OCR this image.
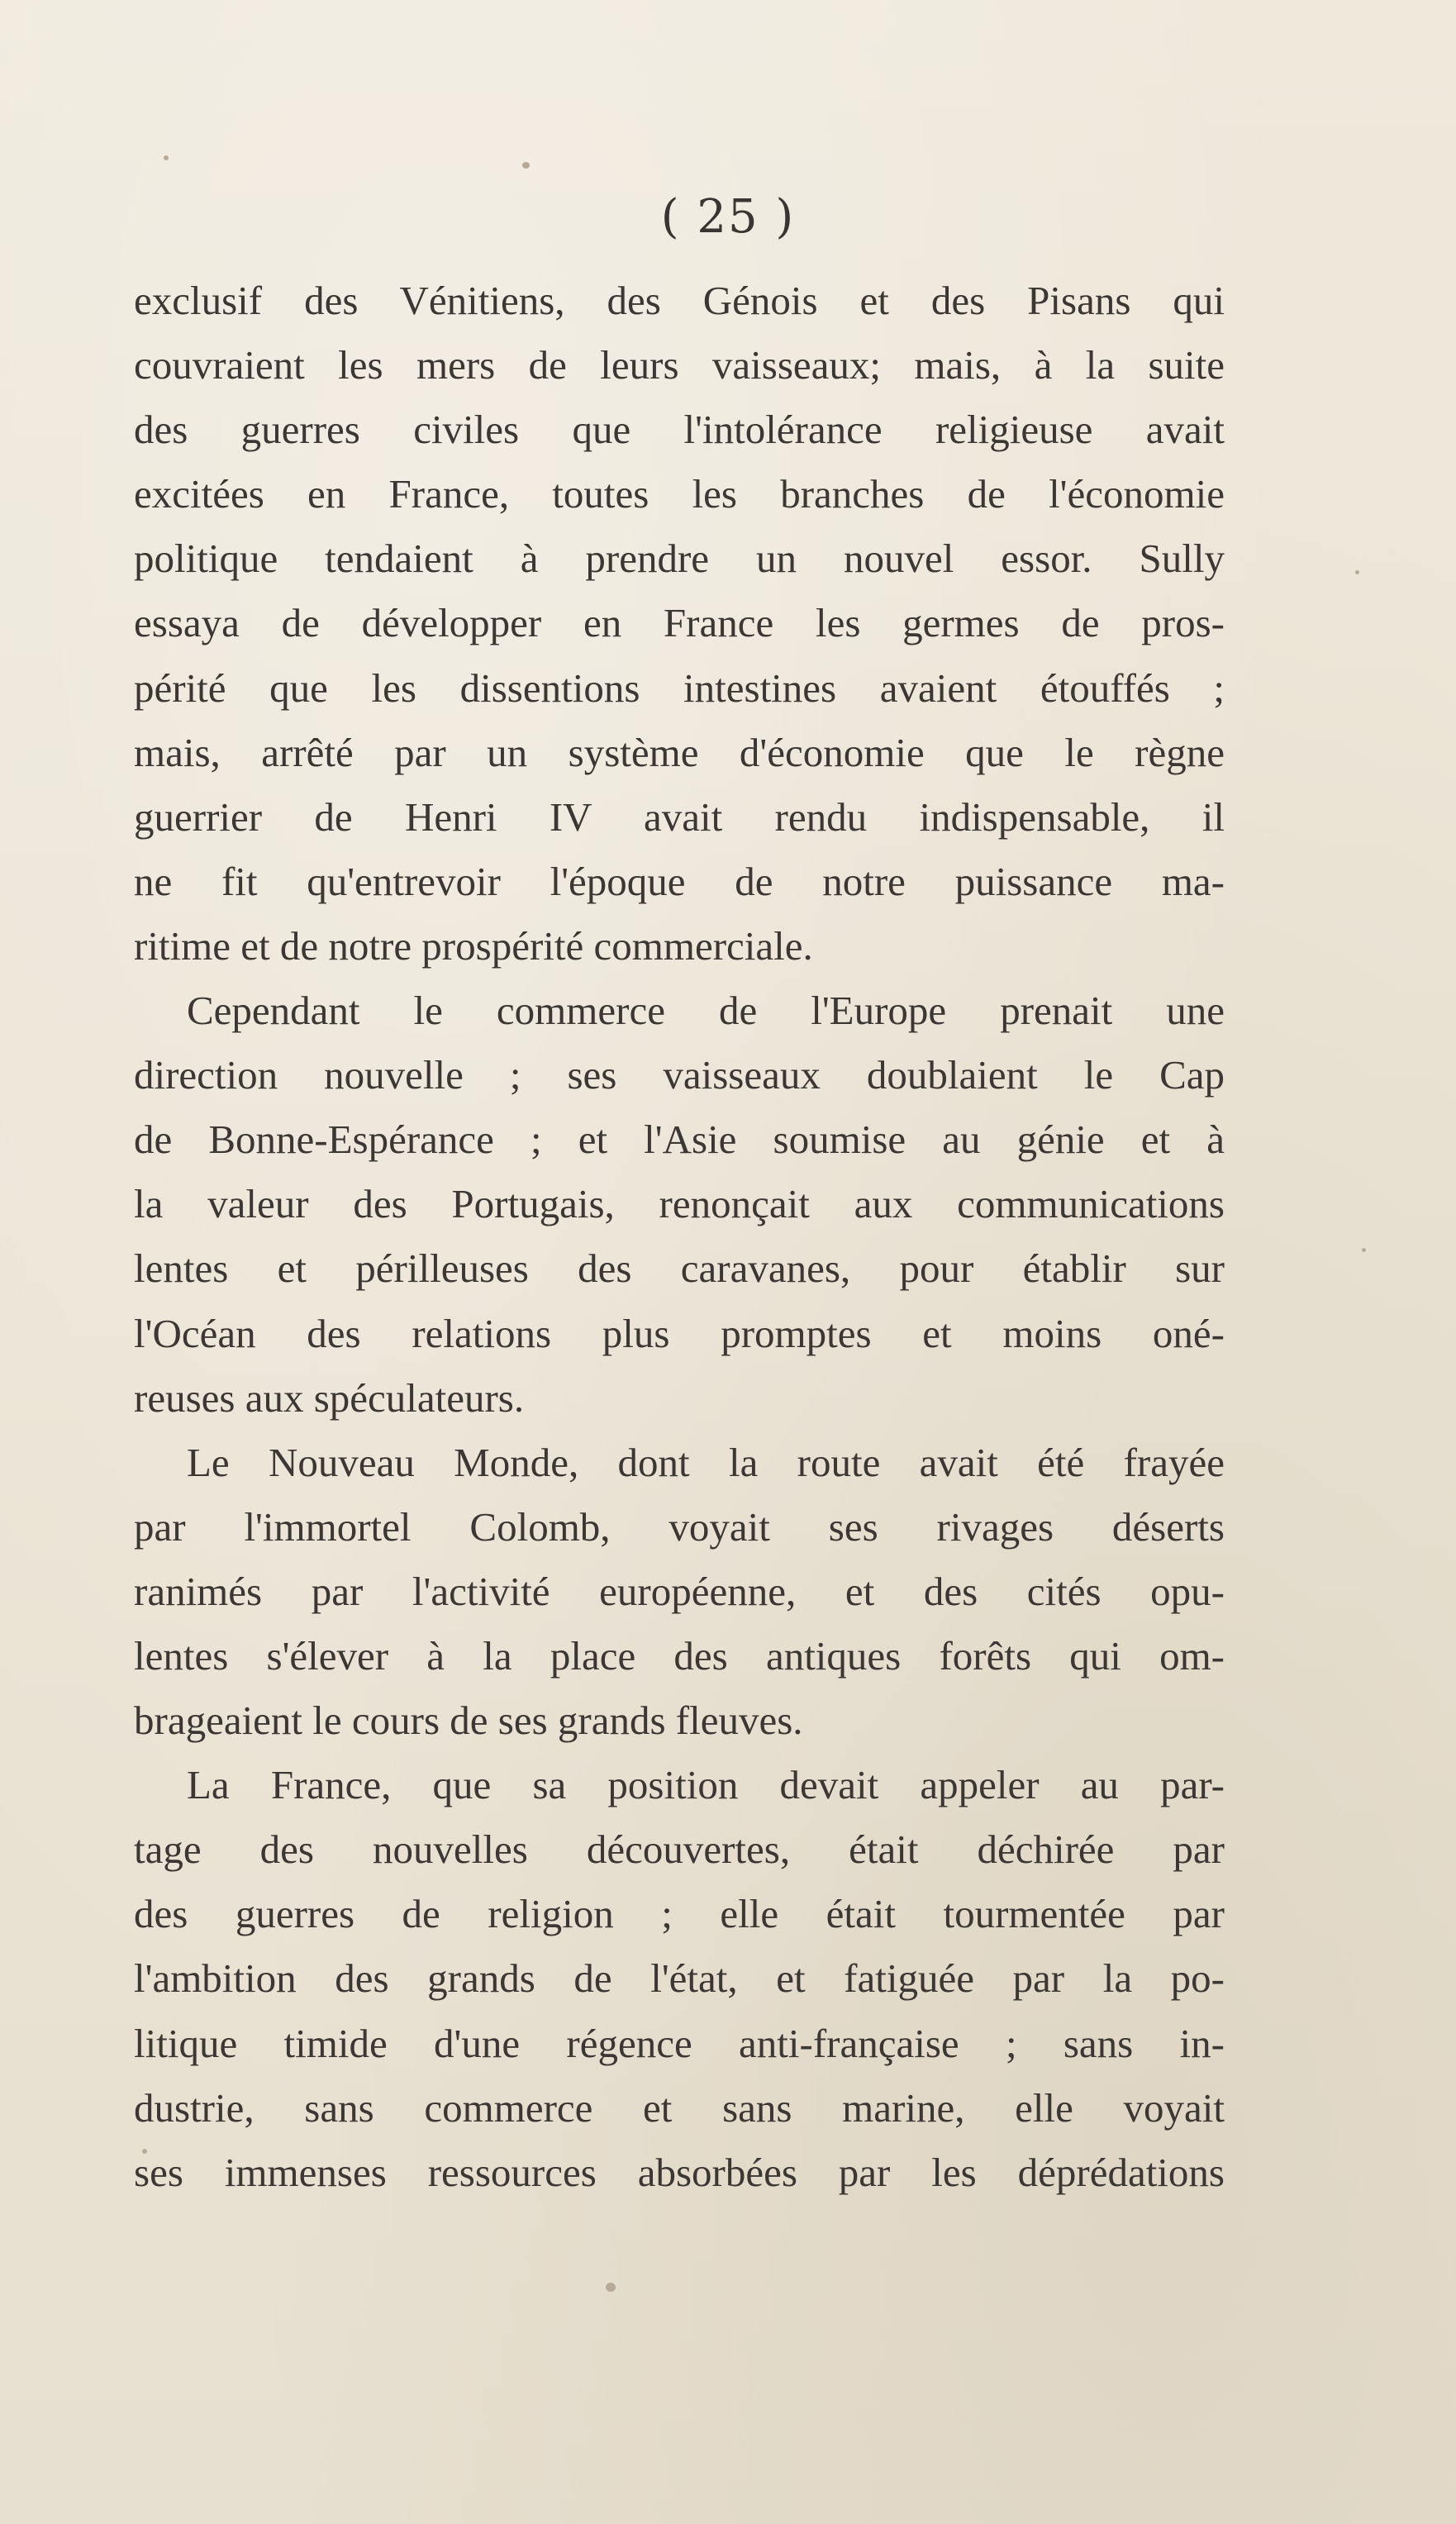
( 25 )
exclusif des Vénitiens, des Génois et des Pisans qui
couvraient les mers de leurs vaisseaux; mais, à la suite
des guerres civiles que l'intolérance religieuse avait
excitées en France, toutes les branches de l'économie
politique tendaient à prendre un nouvel essor. Sully
essaya de développer en France les germes de pros-
périté que les dissentions intestines avaient étouffés ;
mais, arrêté par un système d'économie que le règne
guerrier de Henri IV avait rendu indispensable, il
ne fit qu'entrevoir l'époque de notre puissance ma-
ritime et de notre prospérité commerciale.
Cependant le commerce de l'Europe prenait une
direction nouvelle ; ses vaisseaux doublaient le Cap
de Bonne-Espérance ; et l'Asie soumise au génie et à
la valeur des Portugais, renonçait aux communications
lentes et périlleuses des caravanes, pour établir sur
l'Océan des relations plus promptes et moins oné-
reuses aux spéculateurs.
Le Nouveau Monde, dont la route avait été frayée
par l'immortel Colomb, voyait ses rivages déserts
ranimés par l'activité européenne, et des cités opu-
lentes s'élever à la place des antiques forêts qui om-
brageaient le cours de ses grands fleuves.
La France, que sa position devait appeler au par-
tage des nouvelles découvertes, était déchirée par
des guerres de religion ; elle était tourmentée par
l'ambition des grands de l'état, et fatiguée par la po-
litique timide d'une régence anti-française ; sans in-
dustrie, sans commerce et sans marine, elle voyait
ses immenses ressources absorbées par les déprédations
